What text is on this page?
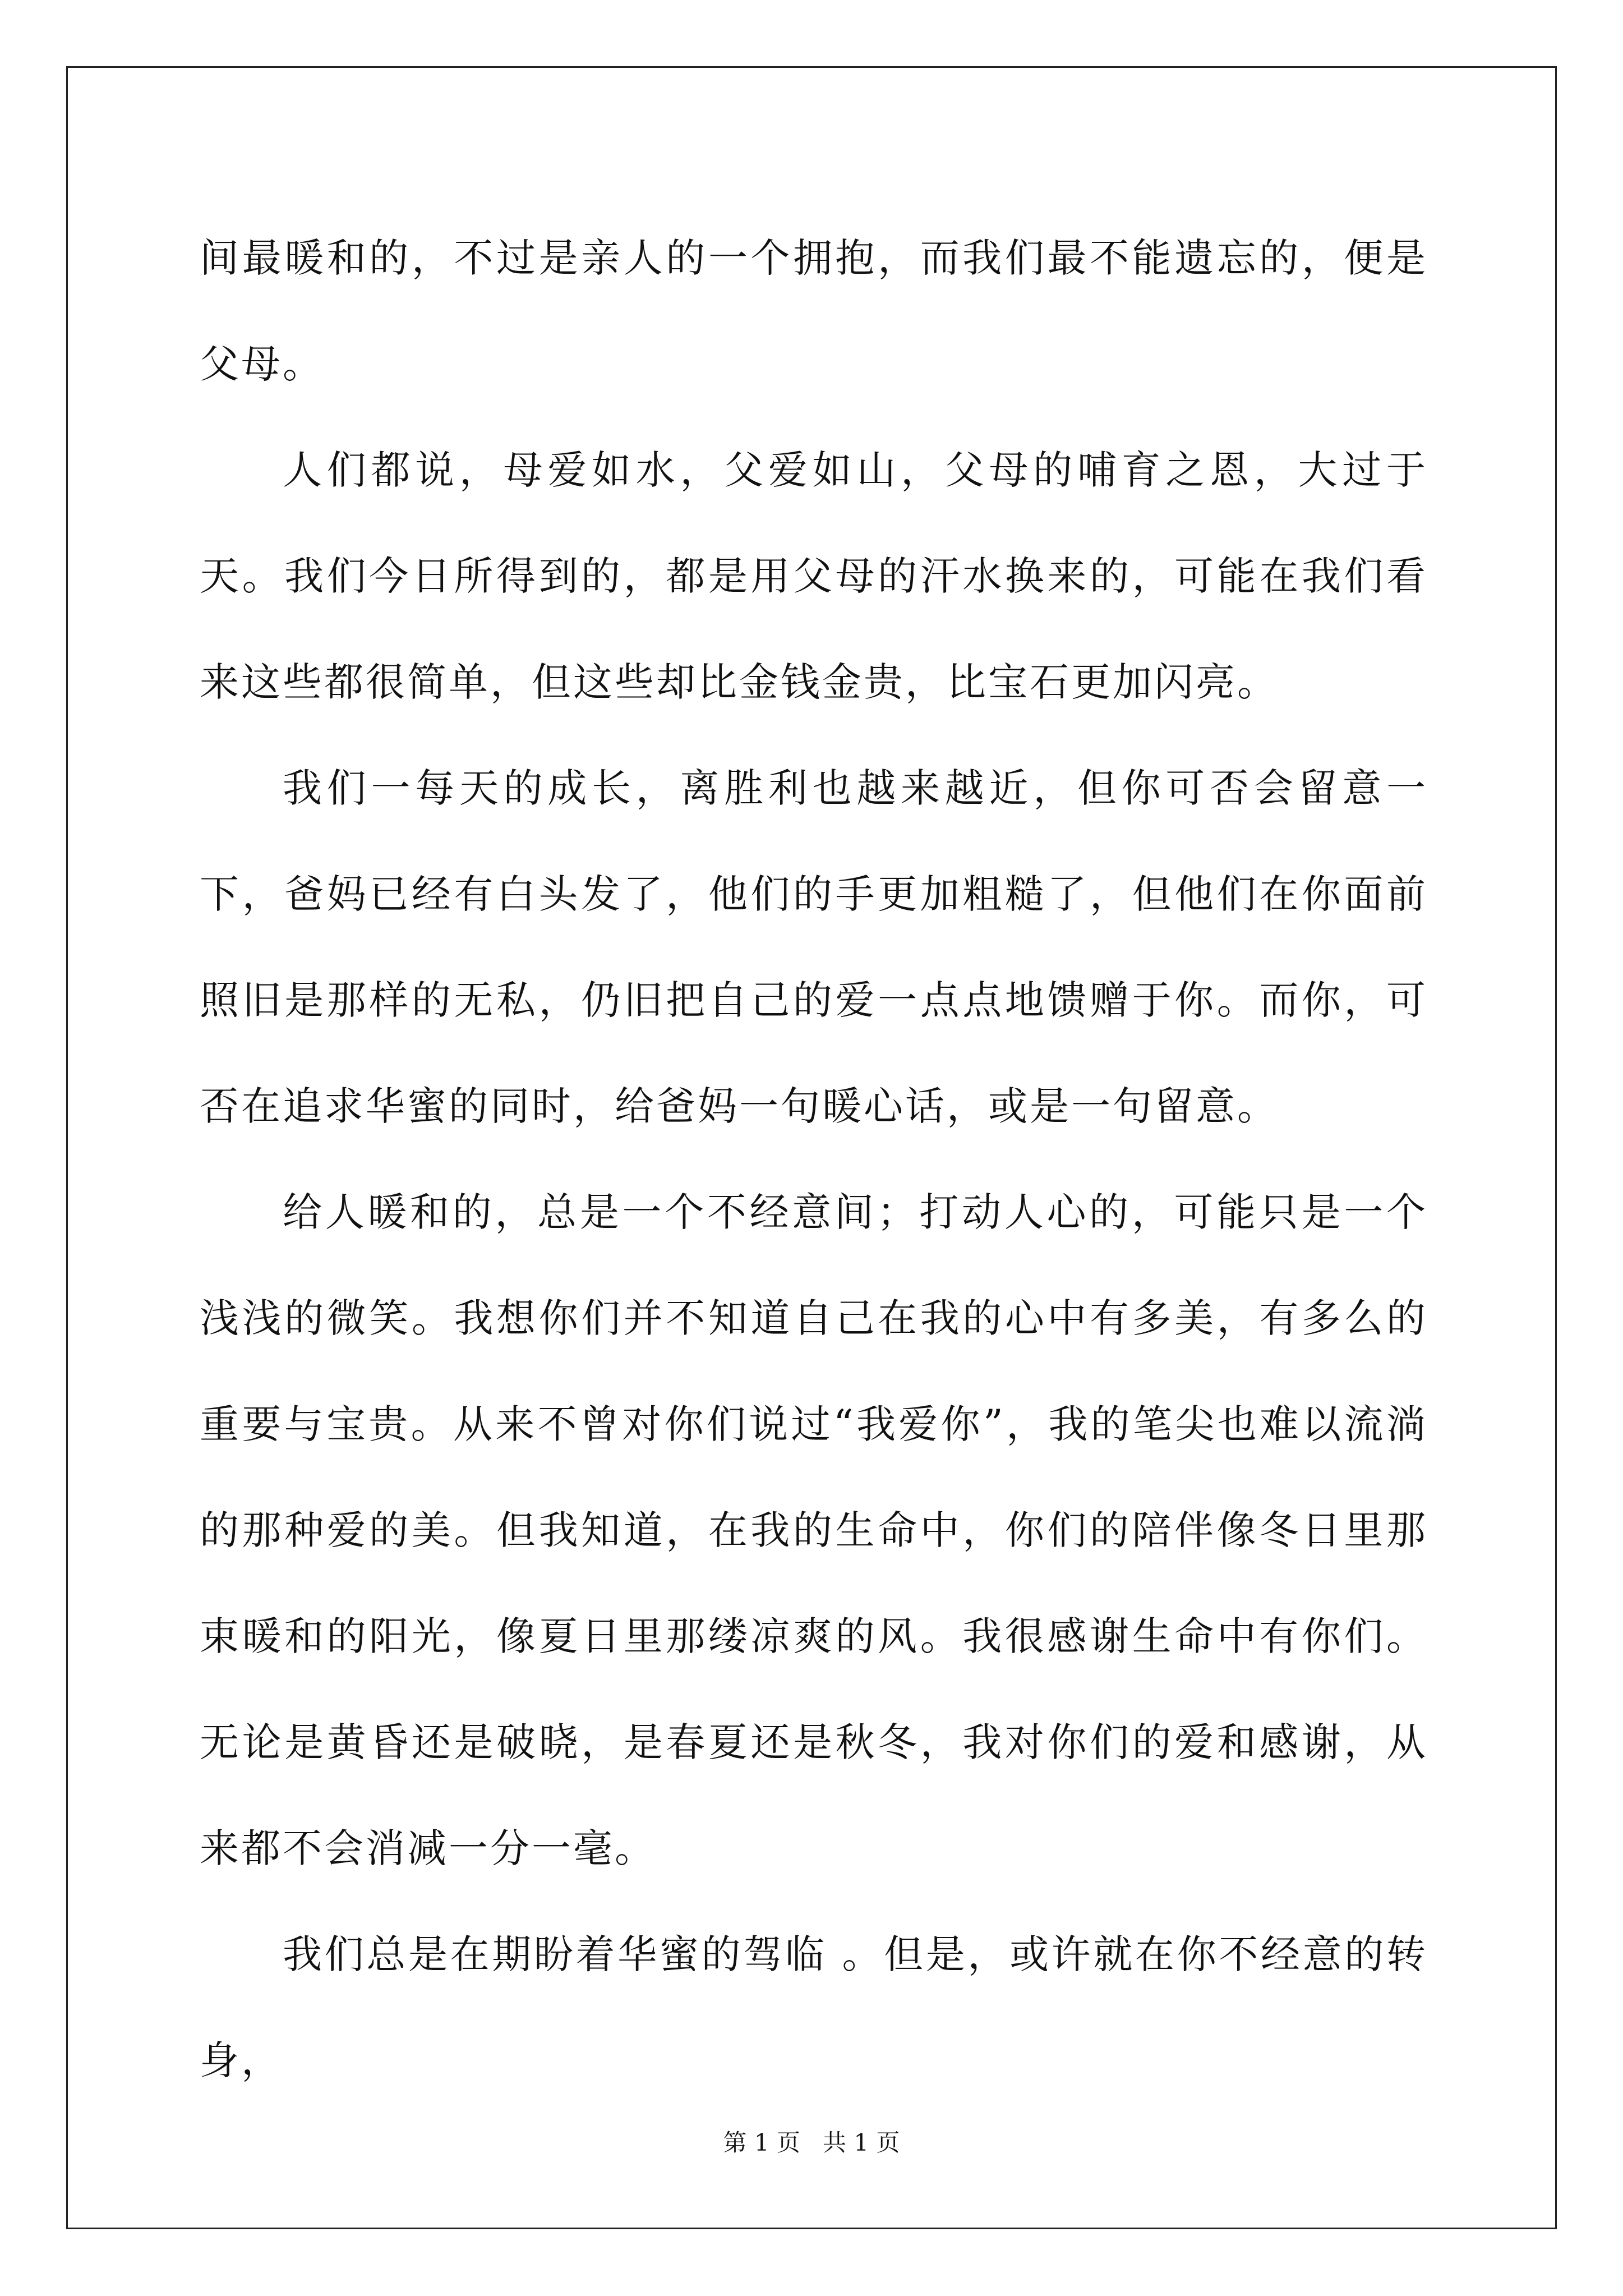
间最暖和的，不过是亲人的一个拥抱，而我们最不能遗忘的，便是父母。

人们都说，母爱如水，父爱如山，父母的哺育之恩，大过于天。我们今日所得到的，都是用父母的汗水换来的，可能在我们看来这些都很简单，但这些却比金钱金贵，比宝石更加闪亮。

我们一每天的成长，离胜利也越来越近，但你可否会留意一下，爸妈已经有白头发了，他们的手更加粗糙了，但他们在你面前照旧是那样的无私，仍旧把自己的爱一点点地馈赠于你。而你，可否在追求华蜜的同时，给爸妈一句暖心话，或是一句留意。

给人暖和的，总是一个不经意间；打动人心的，可能只是一个浅浅的微笑。我想你们并不知道自己在我的心中有多美，有多么的重要与宝贵。从来不曾对你们说过“我爱你”，我的笔尖也难以流淌的那种爱的美。但我知道，在我的生命中，你们的陪伴像冬日里那束暖和的阳光，像夏日里那缕凉爽的风。我很感谢生命中有你们。无论是黄昏还是破晓，是春夏还是秋冬，我对你们的爱和感谢，从来都不会消减一分一毫。

我们总是在期盼着华蜜的驾临 。但是，或许就在你不经意的转身，

第 1 页 共 1 页
